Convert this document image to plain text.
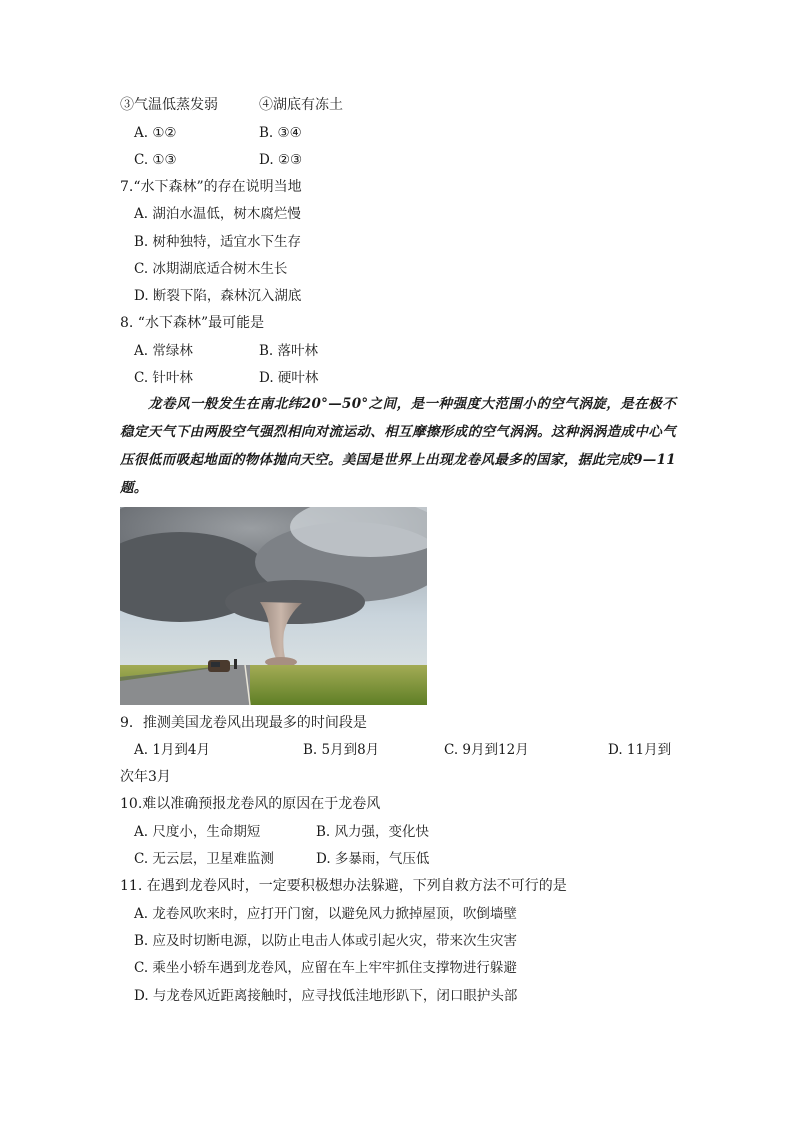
③气温低蒸发弱	④湖底有冻土
A. ①②	B. ③④
C. ①③	D. ②③
7.“水下森林”的存在说明当地
A. 湖泊水温低，树木腐烂慢
B. 树种独特，适宜水下生存
C. 冰期湖底适合树木生长
D. 断裂下陷，森林沉入湖底
8. “水下森林”最可能是
A. 常绿林	B. 落叶林
C. 针叶林	D. 硬叶林
龙卷风一般发生在南北纬20°—50°之间，是一种强度大范围小的空气涡旋，是在极不稳定天气下由两股空气强烈相向对流运动、相互摩擦形成的空气涡涡。这种涡涡造成中心气压很低而吸起地面的物体抛向天空。美国是世界上出现龙卷风最多的国家，据此完成9—11题。
9．推测美国龙卷风出现最多的时间段是
A. 1月到4月	B. 5月到8月	C. 9月到12月	D. 11月到
次年3月
10.难以准确预报龙卷风的原因在于龙卷风
A. 尺度小，生命期短	B. 风力强，变化快
C. 无云层，卫星难监测	D. 多暴雨，气压低
11. 在遇到龙卷风时，一定要积极想办法躲避，下列自救方法不可行的是
A. 龙卷风吹来时，应打开门窗，以避免风力掀掉屋顶，吹倒墙壁
B. 应及时切断电源，以防止电击人体或引起火灾，带来次生灾害
C. 乘坐小轿车遇到龙卷风，应留在车上牢牢抓住支撑物进行躲避
D. 与龙卷风近距离接触时，应寻找低洼地形趴下，闭口眼护头部
